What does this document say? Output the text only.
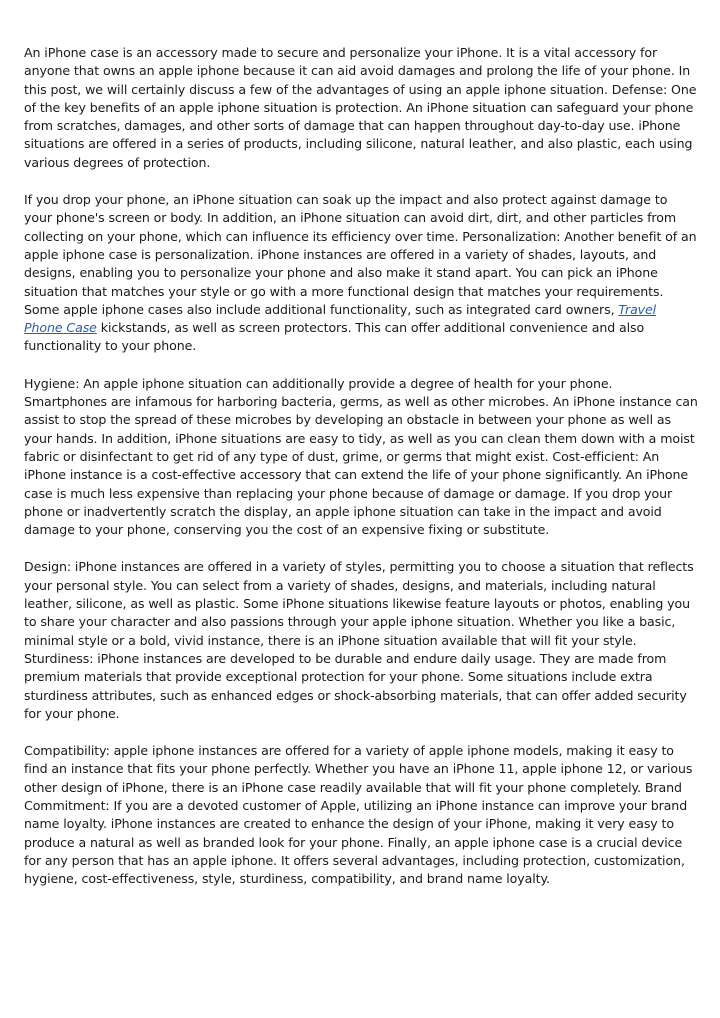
An iPhone case is an accessory made to secure and personalize your iPhone. It is a vital accessory for anyone that owns an apple iphone because it can aid avoid damages and prolong the life of your phone. In this post, we will certainly discuss a few of the advantages of using an apple iphone situation. Defense: One of the key benefits of an apple iphone situation is protection. An iPhone situation can safeguard your phone from scratches, damages, and other sorts of damage that can happen throughout day-to-day use. iPhone situations are offered in a series of products, including silicone, natural leather, and also plastic, each using various degrees of protection.

If you drop your phone, an iPhone situation can soak up the impact and also protect against damage to your phone's screen or body. In addition, an iPhone situation can avoid dirt, dirt, and other particles from collecting on your phone, which can influence its efficiency over time. Personalization: Another benefit of an apple iphone case is personalization. iPhone instances are offered in a variety of shades, layouts, and designs, enabling you to personalize your phone and also make it stand apart. You can pick an iPhone situation that matches your style or go with a more functional design that matches your requirements. Some apple iphone cases also include additional functionality, such as integrated card owners, Travel Phone Case kickstands, as well as screen protectors. This can offer additional convenience and also functionality to your phone.

Hygiene: An apple iphone situation can additionally provide a degree of health for your phone. Smartphones are infamous for harboring bacteria, germs, as well as other microbes. An iPhone instance can assist to stop the spread of these microbes by developing an obstacle in between your phone as well as your hands. In addition, iPhone situations are easy to tidy, as well as you can clean them down with a moist fabric or disinfectant to get rid of any type of dust, grime, or germs that might exist. Cost-efficient: An iPhone instance is a cost-effective accessory that can extend the life of your phone significantly. An iPhone case is much less expensive than replacing your phone because of damage or damage. If you drop your phone or inadvertently scratch the display, an apple iphone situation can take in the impact and avoid damage to your phone, conserving you the cost of an expensive fixing or substitute.

Design: iPhone instances are offered in a variety of styles, permitting you to choose a situation that reflects your personal style. You can select from a variety of shades, designs, and materials, including natural leather, silicone, as well as plastic. Some iPhone situations likewise feature layouts or photos, enabling you to share your character and also passions through your apple iphone situation. Whether you like a basic, minimal style or a bold, vivid instance, there is an iPhone situation available that will fit your style. Sturdiness: iPhone instances are developed to be durable and endure daily usage. They are made from premium materials that provide exceptional protection for your phone. Some situations include extra sturdiness attributes, such as enhanced edges or shock-absorbing materials, that can offer added security for your phone.

Compatibility: apple iphone instances are offered for a variety of apple iphone models, making it easy to find an instance that fits your phone perfectly. Whether you have an iPhone 11, apple iphone 12, or various other design of iPhone, there is an iPhone case readily available that will fit your phone completely. Brand Commitment: If you are a devoted customer of Apple, utilizing an iPhone instance can improve your brand name loyalty. iPhone instances are created to enhance the design of your iPhone, making it very easy to produce a natural as well as branded look for your phone. Finally, an apple iphone case is a crucial device for any person that has an apple iphone. It offers several advantages, including protection, customization, hygiene, cost-effectiveness, style, sturdiness, compatibility, and brand name loyalty.
